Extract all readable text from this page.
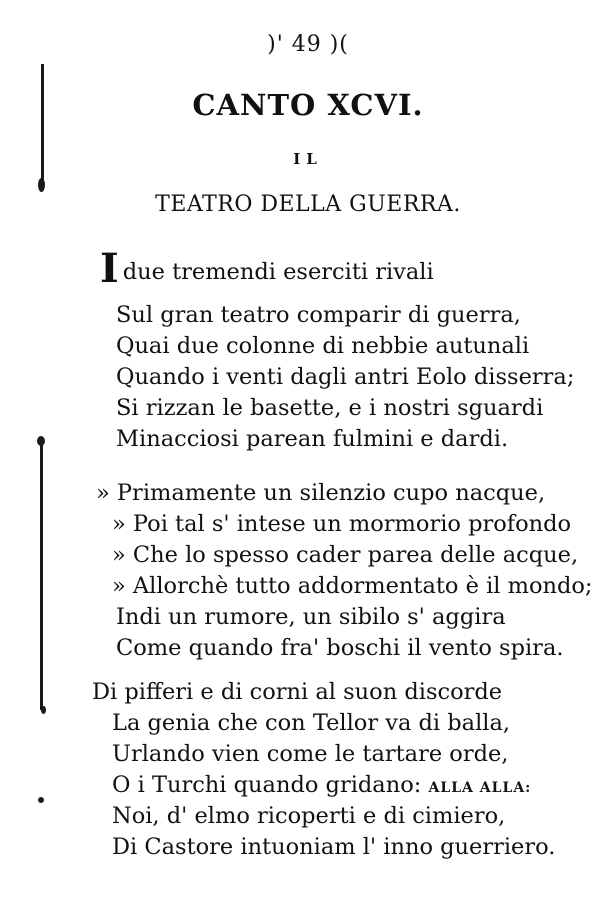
)' 49 )(
CANTO XCVI.
IL
TEATRO DELLA GUERRA.
Idue tremendi eserciti rivali
Sul gran teatro comparir di guerra,
Quai due colonne di nebbie autunali
Quando i venti dagli antri Eolo disserra;
Si rizzan le basette, e i nostri sguardi
Minacciosi parean fulmini e dardi.
» Primamente un silenzio cupo nacque,
» Poi tal s' intese un mormorio profondo
» Che lo spesso cader parea delle acque,
» Allorchè tutto addormentato è il mondo;
Indi un rumore, un sibilo s' aggira
Come quando fra' boschi il vento spira.
Di pifferi e di corni al suon discorde
La genia che con Tellor va di balla,
Urlando vien come le tartare orde,
O i Turchi quando gridano: ALLA ALLA:
Noi, d' elmo ricoperti e di cimiero,
Di Castore intuoniam l' inno guerriero.
